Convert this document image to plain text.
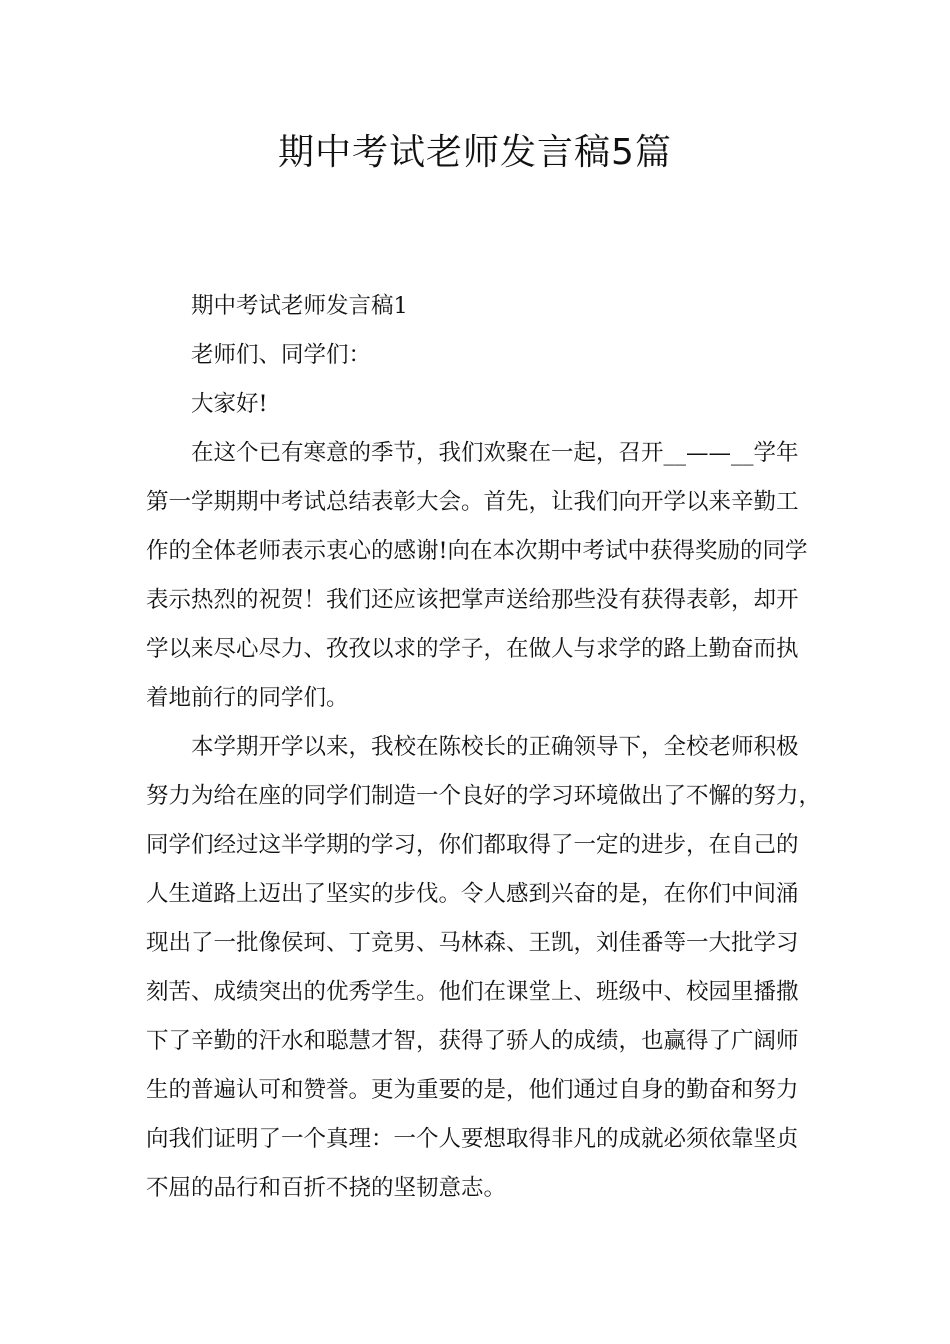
期中考试老师发言稿5篇

期中考试老师发言稿1

老师们、同学们：

大家好!

在这个已有寒意的季节，我们欢聚在一起，召开__——__学年

第一学期期中考试总结表彰大会。首先，让我们向开学以来辛勤工

作的全体老师表示衷心的感谢!向在本次期中考试中获得奖励的同学

表示热烈的祝贺！我们还应该把掌声送给那些没有获得表彰，却开

学以来尽心尽力、孜孜以求的学子，在做人与求学的路上勤奋而执

着地前行的同学们。

本学期开学以来，我校在陈校长的正确领导下，全校老师积极

努力为给在座的同学们制造一个良好的学习环境做出了不懈的努力，

同学们经过这半学期的学习，你们都取得了一定的进步，在自己的

人生道路上迈出了坚实的步伐。令人感到兴奋的是，在你们中间涌

现出了一批像侯珂、丁竞男、马林森、王凯，刘佳番等一大批学习

刻苦、成绩突出的优秀学生。他们在课堂上、班级中、校园里播撒

下了辛勤的汗水和聪慧才智，获得了骄人的成绩，也赢得了广阔师

生的普遍认可和赞誉。更为重要的是，他们通过自身的勤奋和努力

向我们证明了一个真理：一个人要想取得非凡的成就必须依靠坚贞

不屈的品行和百折不挠的坚韧意志。
